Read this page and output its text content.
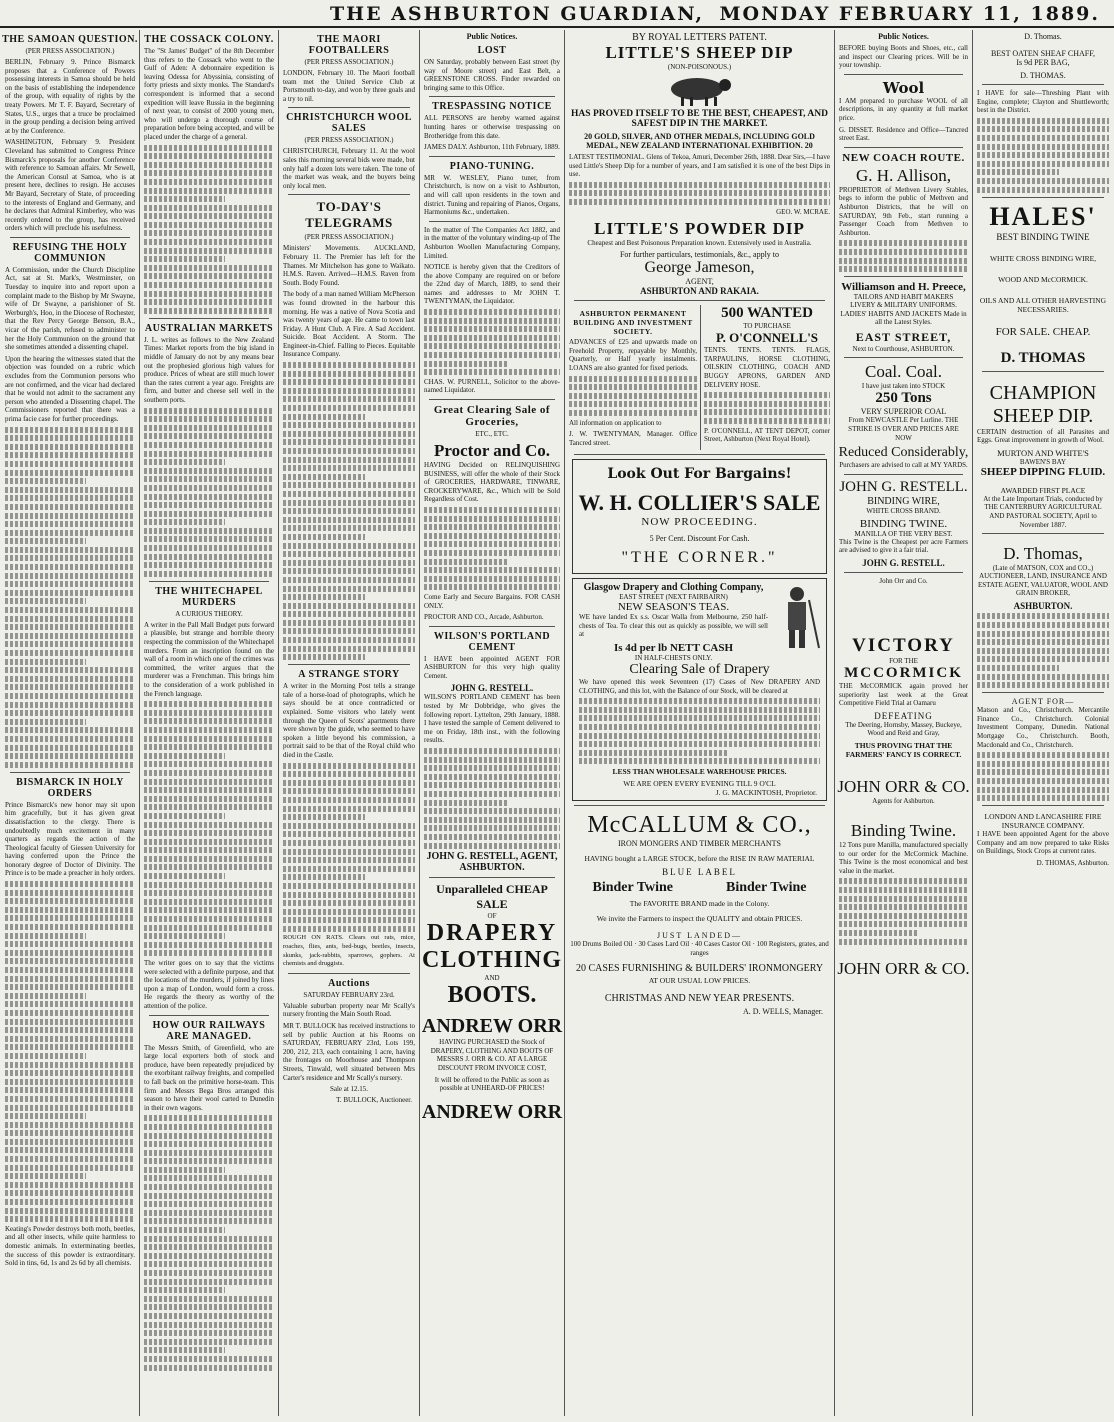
THE ASHBURTON GUARDIAN, MONDAY FEBRUARY 11, 1889.
THE SAMOAN QUESTION.
(PER PRESS ASSOCIATION.)

BERLIN, February 9. Prince Bismarck proposes that a Conference of Powers possessing interests in Samoa should be held on the basis of establishing the independence of the group, with equality of rights by the treaty Powers. Mr T. F. Bayard, Secretary of States, U.S., urges that a truce be proclaimed in the group pending a decision being arrived at by the Conference.

WASHINGTON, February 9. President Cleveland has submitted to Congress Prince Bismarck's proposals for another Conference with reference to Samoan affairs. Mr Sewell, the American Consul at Samoa, who is at present here, declines to resign. He accuses Mr Bayard, Secretary of State, of proceeding to the interests of England and Germany, and he declares that Admiral Kimberley, who was recently ordered to the group, has received orders which will preclude his usefulness.

REFUSING THE HOLY COMMUNION

A Commission, under the Church Discipline Act, sat at St. Mark's, Westminster, on Tuesday to inquire into and report upon a complaint made to the Bishop by Mr Swayne, wife of Dr Swayne, a parishioner of St. Werburgh's, Hoo, in the Diocese of Rochester, that the Rev Percy George Benson, B.A., vicar of the parish, refused to administer to her the Holy Communion on the ground that she sometimes attended a dissenting chapel.

Upon the hearing the witnesses stated that the objection was founded on a rubric which excludes from the Communion persons who are not confirmed, and the vicar had declared that he would not admit to the sacrament any person who attended a Dissenting chapel. The Commissioners reported that there was a prima facie case for further proceedings.

BISMARCK IN HOLY ORDERS

Prince Bismarck's new honor may sit upon him gracefully, but it has given great dissatisfaction to the clergy. There is undoubtedly much excitement in many quarters as regards the action of the Theological faculty of Giessen University for having conferred upon the Prince the honorary degree of Doctor of Divinity. The Prince is to be made a preacher in holy orders.

Keating's Powder destroys both moth, beetles, and all other insects, while quite harmless to domestic animals. In exterminating beetles, the success of this powder is extraordinary. Sold in tins, 6d, 1s and 2s 6d by all chemists.

THE COSSACK COLONY.

The "St James' Budget" of the 8th December thus refers to the Cossack who went to the Gulf of Aden: A debonnaire expedition is leaving Odessa for Abyssinia, consisting of forty priests and sixty monks. The Standard's correspondent is informed that a second expedition will leave Russia in the beginning of next year, to consist of 2000 young men, who will undergo a thorough course of preparation before being accepted, and will be placed under the charge of a general.

AUSTRALIAN MARKETS

J. L. writes as follows to the New Zealand Times: Market reports from the big island in middle of January do not by any means bear out the prophesied glorious high values for produce. Prices of wheat are still much lower than the rates current a year ago. Freights are firm, and butter and cheese sell well in the southern ports.

THE WHITECHAPEL MURDERS
A CURIOUS THEORY.

A writer in the Pall Mall Budget puts forward a plausible, but strange and horrible theory respecting the commission of the Whitechapel murders. From an inscription found on the wall of a room in which one of the crimes was committed, the writer argues that the murderer was a Frenchman. This brings him to the consideration of a work published in the French language.

The writer goes on to say that the victims were selected with a definite purpose, and that the locations of the murders, if joined by lines upon a map of London, would form a cross. He regards the theory as worthy of the attention of the police.

HOW OUR RAILWAYS ARE MANAGED.

The Messrs Smith, of Greenfield, who are large local exporters both of stock and produce, have been repeatedly prejudiced by the exorbitant railway freights, and compelled to fall back on the primitive horse-team. This firm and Messrs Bega Bros arranged this season to have their wool carted to Dunedin in their own wagons.

THE MAORI FOOTBALLERS
(PER PRESS ASSOCIATION.)

LONDON, February 10. The Maori football team met the United Service Club at Portsmouth to-day, and won by three goals and a try to nil.

CHRISTCHURCH WOOL SALES
(PER PRESS ASSOCIATION.)

CHRISTCHURCH, February 11. At the wool sales this morning several bids were made, but only half a dozen lots were taken. The tone of the market was weak, and the buyers being only local men.

TO-DAY'S TELEGRAMS
(PER PRESS ASSOCIATION.)

Ministers' Movements. AUCKLAND, February 11. The Premier has left for the Thames. Mr Mitchelson has gone to Waikato. H.M.S. Raven. Arrived—H.M.S. Raven from South. Body Found.

The body of a man named William McPherson was found drowned in the harbour this morning. He was a native of Nova Scotia and was twenty years of age. He came to town last Friday. A Hunt Club. A Fire. A Sad Accident. Suicide. Boat Accident. A Storm. The Engineer-in-Chief. Falling to Pieces. Equitable Insurance Company.

A STRANGE STORY

A writer in the Morning Post tells a strange tale of a horse-load of photographs, which he says should be at once contradicted or explained. Some visitors who lately went through the Queen of Scots' apartments there were shown by the guide, who seemed to have spoken a little beyond his commission, a portrait said to be that of the Royal child who died in the Castle.

ROUGH ON RATS. Clears out rats, mice, roaches, flies, ants, bed-bugs, beetles, insects, skunks, jack-rabbits, sparrows, gophers. At chemists and druggists.

Auctions
SATURDAY FEBRUARY 23rd.

Valuable suburban property near Mr Scally's nursery fronting the Main South Road.

MR T. BULLOCK has received instructions to sell by public Auction at his Rooms on SATURDAY, FEBRUARY 23rd, Lots 199, 200, 212, 213, each containing 1 acre, having the frontages on Moorhouse and Thompson Streets, Tinwald, well situated between Mrs Carter's residence and Mr Scally's nursery.

Sale at 12.15.
T. BULLOCK, Auctioneer.
Public Notices.
LOST

ON Saturday, probably between East street (by way of Moore street) and East Belt, a GREENSTONE CROSS. Finder rewarded on bringing same to this Office.

TRESPASSING NOTICE

ALL PERSONS are hereby warned against hunting hares or otherwise trespassing on Brotheridge from this date.

JAMES DALY. Ashburton, 11th February, 1889.

PIANO-TUNING.

MR W. WESLEY, Piano tuner, from Christchurch, is now on a visit to Ashburton, and will call upon residents in the town and district. Tuning and repairing of Pianos, Organs, Harmoniums &c., undertaken.

In the matter of The Companies Act 1882, and in the matter of the voluntary winding-up of The Ashburton Woollen Manufacturing Company, Limited.

NOTICE is hereby given that the Creditors of the above Company are required on or before the 22nd day of March, 1889, to send their names and addresses to Mr JOHN T. TWENTYMAN, the Liquidator.

CHAS. W. PURNELL, Solicitor to the above-named Liquidator.

Great Clearing Sale of Groceries,
ETC., ETC.
Proctor and Co.

HAVING Decided on RELINQUISHING BUSINESS, will offer the whole of their Stock of GROCERIES, HARDWARE, TINWARE, CROCKERYWARE, &c., Which will be Sold Regardless of Cost.

Come Early and Secure Bargains. FOR CASH ONLY.

PROCTOR AND CO., Arcade, Ashburton.

WILSON'S PORTLAND CEMENT

I HAVE been appointed AGENT FOR ASHBURTON for this very high quality Cement.

JOHN G. RESTELL.

WILSON'S PORTLAND CEMENT has been tested by Mr Dobbridge, who gives the following report. Lyttelton, 29th January, 1888. I have tested the sample of Cement delivered to me on Friday, 18th inst., with the following results.

JOHN G. RESTELL, AGENT, ASHBURTON.
Unparalleled CHEAP SALE
OF
DRAPERY
CLOTHING
AND
BOOTS.
ANDREW ORR

HAVING PURCHASED the Stock of DRAPERY, CLOTHING AND BOOTS OF MESSRS J. ORR & CO. AT A LARGE DISCOUNT FROM INVOICE COST,

It will be offered to the Public as soon as possible at UNHEARD-OF PRICES!

ANDREW ORR
BY ROYAL LETTERS PATENT.
LITTLE'S SHEEP DIP
(NON-POISONOUS.)
HAS PROVED ITSELF TO BE THE BEST, CHEAPEST, AND SAFEST DIP IN THE MARKET.
20 GOLD, SILVER, AND OTHER MEDALS, INCLUDING GOLD MEDAL, NEW ZEALAND INTERNATIONAL EXHIBITION. 20

LATEST TESTIMONIAL. Glens of Tekoa, Amuri, December 26th, 1888. Dear Sirs,—I have used Little's Sheep Dip for a number of years, and I am satisfied it is one of the best Dips in use.

GEO. W. MCRAE.

LITTLE'S POWDER DIP
Cheapest and Best Poisonous Preparation known. Extensively used in Australia.
For further particulars, testimonials, &c., apply to
George Jameson,
AGENT,
ASHBURTON AND RAKAIA.
ASHBURTON PERMANENT BUILDING AND INVESTMENT SOCIETY.

ADVANCES of £25 and upwards made on Freehold Property, repayable by Monthly, Quarterly, or Half yearly instalments. LOANS are also granted for fixed periods.

All information on application to

J. W. TWENTYMAN, Manager. Office Tancred street.

500 WANTED
TO PURCHASE
P. O'CONNELL'S

TENTS. TENTS. TENTS. FLAGS, TARPAULINS, HORSE CLOTHING, OILSKIN CLOTHING, COACH AND BUGGY APRONS, GARDEN AND DELIVERY HOSE.

P. O'CONNELL, AT TENT DEPOT, corner Street, Ashburton (Next Royal Hotel).

Look Out For Bargains!
W. H. COLLIER'S SALE
NOW PROCEEDING.
5 Per Cent. Discount For Cash.
"THE CORNER."
Glasgow Drapery and Clothing Company,
EAST STREET (NEXT FAIRBAIRN)
NEW SEASON'S TEAS.

WE have landed Ex s.s. Oscar Walla from Melbourne, 250 half-chests of Tea. To clear this out as quickly as possible, we will sell at

Is 4d per lb NETT CASH
IN HALF-CHESTS ONLY.
Clearing Sale of Drapery

We have opened this week Seventeen (17) Cases of New DRAPERY AND CLOTHING, and this lot, with the Balance of our Stock, will be cleared at

LESS THAN WHOLESALE WAREHOUSE PRICES.
WE ARE OPEN EVERY EVENING TILL 9 O'CL
J. G. MACKINTOSH, Proprietor.
McCALLUM & CO.,
IRON MONGERS AND TIMBER MERCHANTS
HAVING bought a LARGE STOCK, before the RISE IN RAW MATERIAL
BLUE LABEL
Binder Twine	Binder Twine
The FAVORITE BRAND made in the Colony.
We invite the Farmers to inspect the QUALITY and obtain PRICES.
JUST LANDED—

100 Drums Boiled Oil · 30 Cases Lard Oil · 40 Cases Castor Oil · 100 Registers, grates, and ranges

20 CASES FURNISHING & BUILDERS' IRONMONGERY
AT OUR USUAL LOW PRICES.
CHRISTMAS AND NEW YEAR PRESENTS.
A. D. WELLS, Manager.
Public Notices.

BEFORE buying Boots and Shoes, etc., call and inspect our Clearing prices. Will be in your township.

Wool

I AM prepared to purchase WOOL of all descriptions, in any quantity at full market price.

G. DISSET. Residence and Office—Tancred street East.

NEW COACH ROUTE.
G. H. Allison,

PROPRIETOR of Methven Livery Stables, begs to inform the public of Methven and Ashburton Districts, that he will on SATURDAY, 9th Feb., start running a Passenger Coach from Methven to Ashburton.

Williamson and H. Preece,
TAILORS AND HABIT MAKERS

LIVERY & MILITARY UNIFORMS. LADIES' HABITS AND JACKETS Made in all the Latest Styles.

EAST STREET,

Next to Courthouse, ASHBURTON.

Coal. Coal.
I have just taken into STOCK
250 Tons
VERY SUPERIOR COAL

From NEWCASTLE Per Lurline. THE STRIKE IS OVER AND PRICES ARE NOW

Reduced Considerably,

Purchasers are advised to call at MY YARDS.

JOHN G. RESTELL.
BINDING WIRE,
WHITE CROSS BRAND.
BINDING TWINE.
MANILLA OF THE VERY BEST.

This Twine is the Cheapest per acre Farmers are advised to give it a fair trial.

JOHN G. RESTELL.
John Orr and Co.
VICTORY
FOR THE
MCCORMICK

THE McCORMICK again proved her superiority last week at the Great Competitive Field Trial at Oamaru

DEFEATING

The Deering, Hornsby, Massey, Buckeye, Wood and Reid and Gray,

THUS PROVING THAT THE FARMERS' FANCY IS CORRECT.
JOHN ORR & CO.
Agents for Ashburton.
Binding Twine.

12 Tons pure Manilla, manufactured specially to our order for the McCormick Machine. This Twine is the most economical and best value in the market.

JOHN ORR & CO.
D. Thomas.
BEST OATEN SHEAF CHAFF,
Is 9d PER BAG,
D. THOMAS.

I HAVE for sale—Threshing Plant with Engine, complete; Clayton and Shuttleworth; best in the District.

HALES'
BEST BINDING TWINE
WHITE CROSS BINDING WIRE,
WOOD AND McCORMICK.
OILS AND ALL OTHER HARVESTING NECESSARIES.
FOR SALE. CHEAP.
D. THOMAS
CHAMPION
SHEEP DIP.

CERTAIN destruction of all Parasites and Eggs. Great improvement in growth of Wool.

MURTON AND WHITE'S
BAWEN'S BAY
SHEEP DIPPING FLUID.
AWARDED FIRST PLACE

At the Late Important Trials, conducted by THE CANTERBURY AGRICULTURAL AND PASTORAL SOCIETY, April to November 1887.

D. Thomas,
(Late of MATSON, COX and CO.,)

AUCTIONEER, LAND, INSURANCE AND ESTATE AGENT, VALUATOR, WOOL AND GRAIN BROKER,

ASHBURTON.
AGENT FOR—

Matson and Co., Christchurch. Mercantile Finance Co., Christchurch. Colonial Investment Company, Dunedin. National Mortgage Co., Christchurch. Booth, Macdonald and Co., Christchurch.

LONDON AND LANCASHIRE FIRE INSURANCE COMPANY.

I HAVE been appointed Agent for the above Company and am now prepared to take Risks on Buildings, Stock Crops at current rates.

D. THOMAS, Ashburton.
